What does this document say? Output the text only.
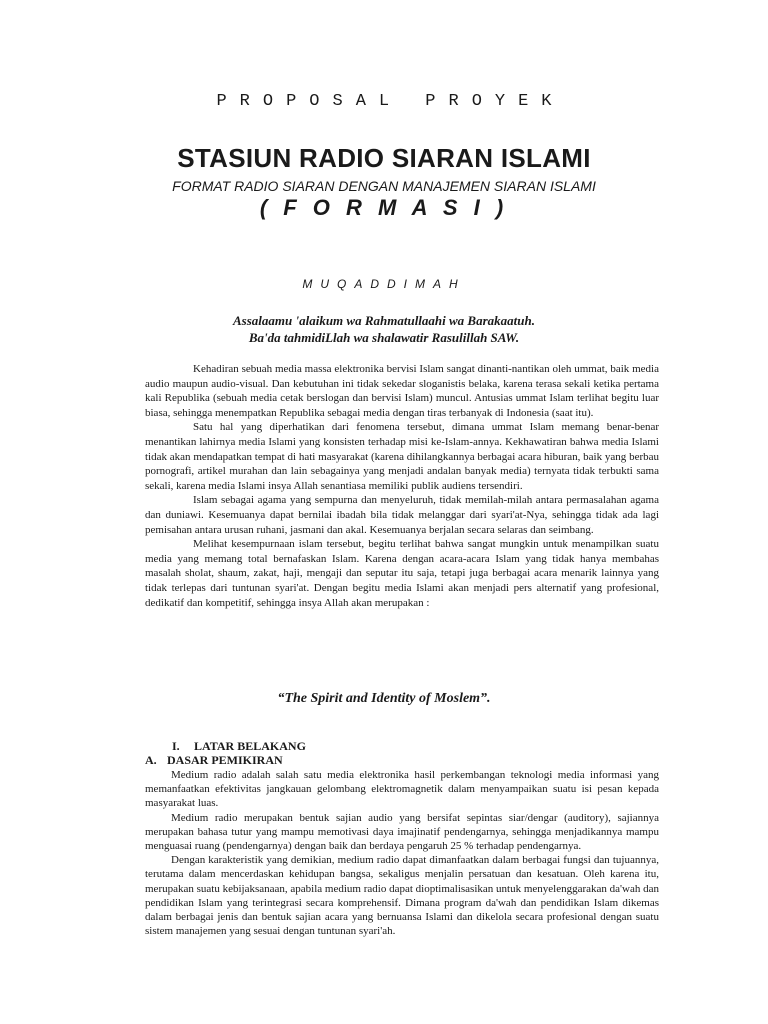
PROPOSAL PROYEK
STASIUN RADIO SIARAN ISLAMI
FORMAT RADIO SIARAN DENGAN MANAJEMEN SIARAN ISLAMI
( F O R M A S I )
MUQADDIMAH
Assalaamu 'alaikum wa Rahmatullaahi wa Barakaatuh.
Ba'da tahmidiLlah wa shalawatir Rasulillah SAW.

Kehadiran sebuah media massa elektronika bervisi Islam sangat dinanti-nantikan oleh ummat, baik media audio maupun audio-visual. Dan kebutuhan ini tidak sekedar sloganistis belaka, karena terasa sekali ketika pertama kali Republika (sebuah media cetak berslogan dan bervisi Islam) muncul. Antusias ummat Islam terlihat begitu luar biasa, sehingga menempatkan Republika sebagai media dengan tiras terbanyak di Indonesia (saat itu).

Satu hal yang diperhatikan dari fenomena tersebut, dimana ummat Islam memang benar-benar menantikan lahirnya media Islami yang konsisten terhadap misi ke-Islam-annya. Kekhawatiran bahwa media Islami tidak akan mendapatkan tempat di hati masyarakat (karena dihilangkannya berbagai acara hiburan, baik yang berbau pornografi, artikel murahan dan lain sebagainya yang menjadi andalan banyak media) ternyata tidak terbukti sama sekali, karena media Islami insya Allah senantiasa memiliki publik audiens tersendiri.

Islam sebagai agama yang sempurna dan menyeluruh, tidak memilah-milah antara permasalahan agama dan duniawi. Kesemuanya dapat bernilai ibadah bila tidak melanggar dari syari'at-Nya, sehingga tidak ada lagi pemisahan antara urusan ruhani, jasmani dan akal. Kesemuanya berjalan secara selaras dan seimbang.

Melihat kesempurnaan islam tersebut, begitu terlihat bahwa sangat mungkin untuk menampilkan suatu media yang memang total bernafaskan Islam. Karena dengan acara-acara Islam yang tidak hanya membahas masalah sholat, shaum, zakat, haji, mengaji dan seputar itu saja, tetapi juga berbagai acara menarik lainnya yang tidak terlepas dari tuntunan syari'at. Dengan begitu media Islami akan menjadi pers alternatif yang profesional, dedikatif dan kompetitif, sehingga insya Allah akan merupakan :

“The Spirit and Identity of Moslem”.
I. LATAR BELAKANG
A. DASAR PEMIKIRAN

Medium radio adalah salah satu media elektronika hasil perkembangan teknologi media informasi yang memanfaatkan efektivitas jangkauan gelombang elektromagnetik dalam menyampaikan suatu isi pesan kepada masyarakat luas.

Medium radio merupakan bentuk sajian audio yang bersifat sepintas siar/dengar (auditory), sajiannya merupakan bahasa tutur yang mampu memotivasi daya imajinatif pendengarnya, sehingga menjadikannya mampu menguasai ruang (pendengarnya) dengan baik dan berdaya pengaruh 25 % terhadap pendengarnya.

Dengan karakteristik yang demikian, medium radio dapat dimanfaatkan dalam berbagai fungsi dan tujuannya, terutama dalam mencerdaskan kehidupan bangsa, sekaligus menjalin persatuan dan kesatuan. Oleh karena itu, merupakan suatu kebijaksanaan, apabila medium radio dapat dioptimalisasikan untuk menyelenggarakan da'wah dan pendidikan Islam yang terintegrasi secara komprehensif. Dimana program da'wah dan pendidikan Islam dikemas dalam berbagai jenis dan bentuk sajian acara yang bernuansa Islami dan dikelola secara profesional dengan suatu sistem manajemen yang sesuai dengan tuntunan syari'ah.
